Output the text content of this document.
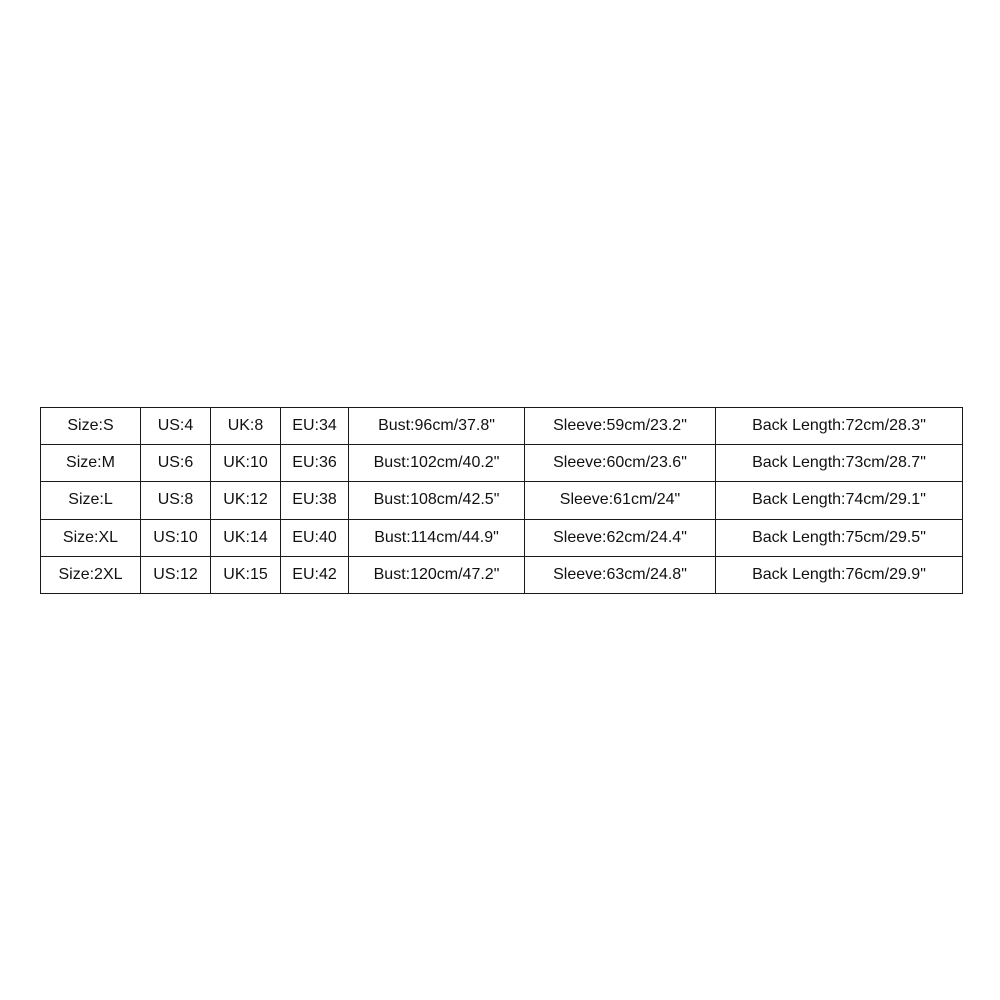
Size:S	US:4	UK:8	EU:34	Bust:96cm/37.8"	Sleeve:59cm/23.2"	Back Length:72cm/28.3"
Size:M	US:6	UK:10	EU:36	Bust:102cm/40.2"	Sleeve:60cm/23.6"	Back Length:73cm/28.7"
Size:L	US:8	UK:12	EU:38	Bust:108cm/42.5"	Sleeve:61cm/24"	Back Length:74cm/29.1"
Size:XL	US:10	UK:14	EU:40	Bust:114cm/44.9"	Sleeve:62cm/24.4"	Back Length:75cm/29.5"
Size:2XL	US:12	UK:15	EU:42	Bust:120cm/47.2"	Sleeve:63cm/24.8"	Back Length:76cm/29.9"
